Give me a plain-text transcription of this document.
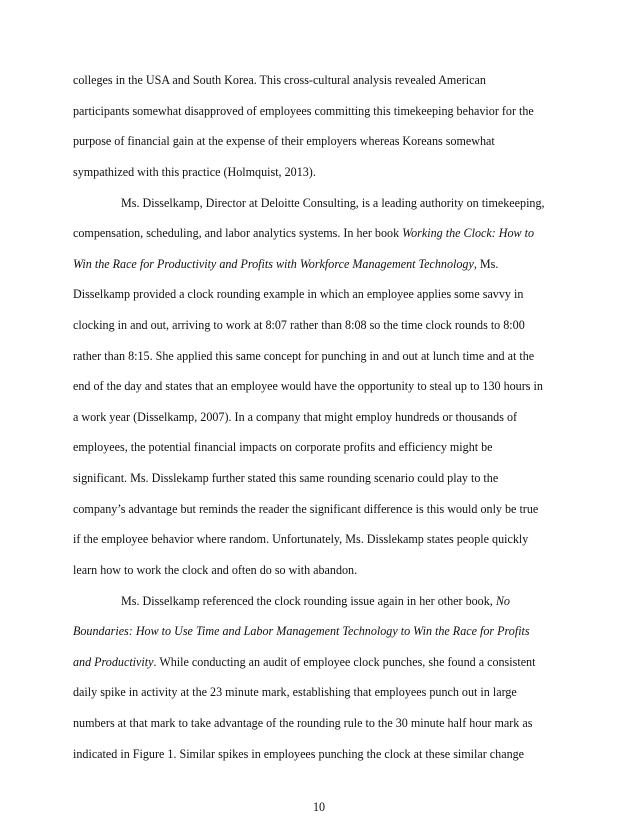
colleges in the USA and South Korea. This cross-cultural analysis revealed American
participants somewhat disapproved of employees committing this timekeeping behavior for the
purpose of financial gain at the expense of their employers whereas Koreans somewhat
sympathized with this practice (Holmquist, 2013).
Ms. Disselkamp, Director at Deloitte Consulting, is a leading authority on timekeeping,
compensation, scheduling, and labor analytics systems. In her book Working the Clock: How to
Win the Race for Productivity and Profits with Workforce Management Technology, Ms.
Disselkamp provided a clock rounding example in which an employee applies some savvy in
clocking in and out, arriving to work at 8:07 rather than 8:08 so the time clock rounds to 8:00
rather than 8:15. She applied this same concept for punching in and out at lunch time and at the
end of the day and states that an employee would have the opportunity to steal up to 130 hours in
a work year (Disselkamp, 2007). In a company that might employ hundreds or thousands of
employees, the potential financial impacts on corporate profits and efficiency might be
significant. Ms. Disslekamp further stated this same rounding scenario could play to the
company’s advantage but reminds the reader the significant difference is this would only be true
if the employee behavior where random. Unfortunately, Ms. Disslekamp states people quickly
learn how to work the clock and often do so with abandon.
Ms. Disselkamp referenced the clock rounding issue again in her other book, No
Boundaries: How to Use Time and Labor Management Technology to Win the Race for Profits
and Productivity. While conducting an audit of employee clock punches, she found a consistent
daily spike in activity at the 23 minute mark, establishing that employees punch out in large
numbers at that mark to take advantage of the rounding rule to the 30 minute half hour mark as
indicated in Figure 1. Similar spikes in employees punching the clock at these similar change
10
